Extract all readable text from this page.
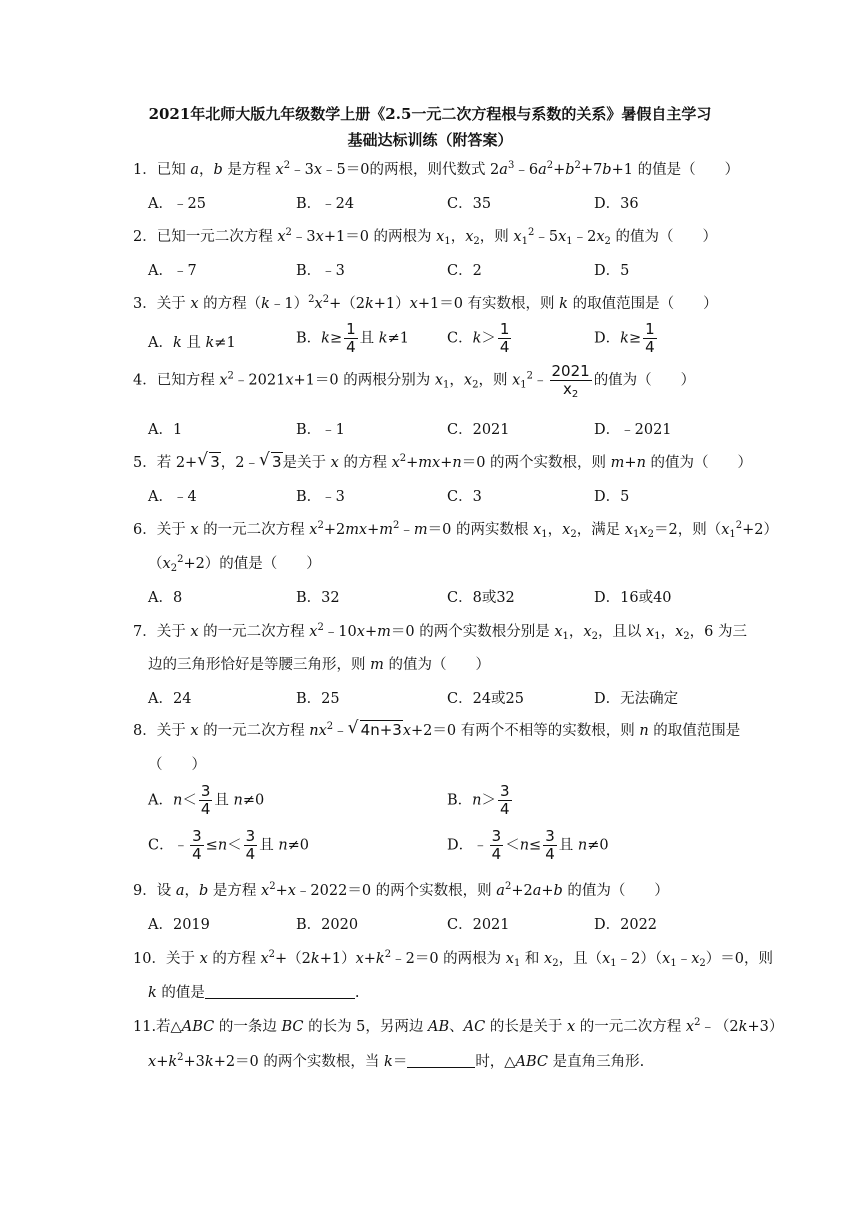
2021年北师大版九年级数学上册《2.5一元二次方程根与系数的关系》暑假自主学习
基础达标训练（附答案）
1．已知 a，b 是方程 $x^2﹣3x﹣5=0$的两根，则代数式 $2a^3﹣6a^2+b^2+7b+1$ 的值是（　　）
A．﹣25	B．﹣24	C．35	D．36
2．已知一元二次方程 $x^2﹣3x+1=0$ 的两根为 $x_1$，$x_2$，则 $x_1^2﹣5x_1﹣2x_2$ 的值为（　　）
A．﹣7	B．﹣3	C．2	D．5
3．关于 x 的方程$(k﹣1)^2x^2+(2k+1)x+1=0$ 有实数根，则 k 的取值范围是（　　）
A．k 且 k≠1	B．$k\ge \frac{1}{4}$ 且 k≠1	C．$k> \frac{1}{4}$	D．$k\ge \frac{1}{4}$
4．已知方程 $x^2﹣2021x+1=0$ 的两根分别为 $x_1$，$x_2$，则 $x_1^2﹣ \frac{2021}{x_2}$ 的值为（　　）
A．1	B．﹣1	C．2021	D．﹣2021
5．若 2+√ 3，2﹣√ 3是关于 x 的方程 $x^2+mx+n=0$ 的两个实数根，则 m+n 的值为（　　）
A．﹣4	B．﹣3	C．3	D．5
6．关于 x 的一元二次方程 $x^2+2mx+m^2﹣m=0$ 的两实数根 $x_1$，$x_2$，满足 $x_1x_2=2$，则$(x_1^2+2)$
$(x_2^2+2)$的值是（　　）
A．8	B．32	C．8或32	D．16或40
7．关于 x 的一元二次方程 $x^2﹣10x+m=0$ 的两个实数根分别是 $x_1$，$x_2$，且以 $x_1$，$x_2$，6 为三
边的三角形恰好是等腰三角形，则 m 的值为（　　）
A．24	B．25	C．24或25	D．无法确定
8．关于 x 的一元二次方程 $nx^2﹣√$ 4n+3x+2＝0 有两个不相等的实数根，则 n 的取值范围是
（　　）
A．$n< \frac{3}{4}$ 且 n≠0	B．$n> \frac{3}{4}$
C．﹣ $\frac{3}{4} \le n< \frac{3}{4}$ 且 n≠0	D．﹣ $\frac{3}{4} <n\le \frac{3}{4}$ 且 n≠0
9．设 a，b 是方程 $x^2+x﹣2022=0$ 的两个实数根，则 $a^2+2a+b$ 的值为（　　）
A．2019	B．2020	C．2021	D．2022
10．关于 x 的方程 $x^2+(2k+1)x+k^2﹣2=0$ 的两根为 $x_1$ 和 $x_2$，且$(x_1﹣2)(x_1﹣x_2)=0$，则
k 的值是	.
11.若△ABC 的一条边 BC 的长为 5，另两边 AB、AC 的长是关于 x 的一元二次方程 $x^2﹣(2k+3)$
$x+k^2+3k+2=0$ 的两个实数根，当 k＝	时，△ABC 是直角三角形.
